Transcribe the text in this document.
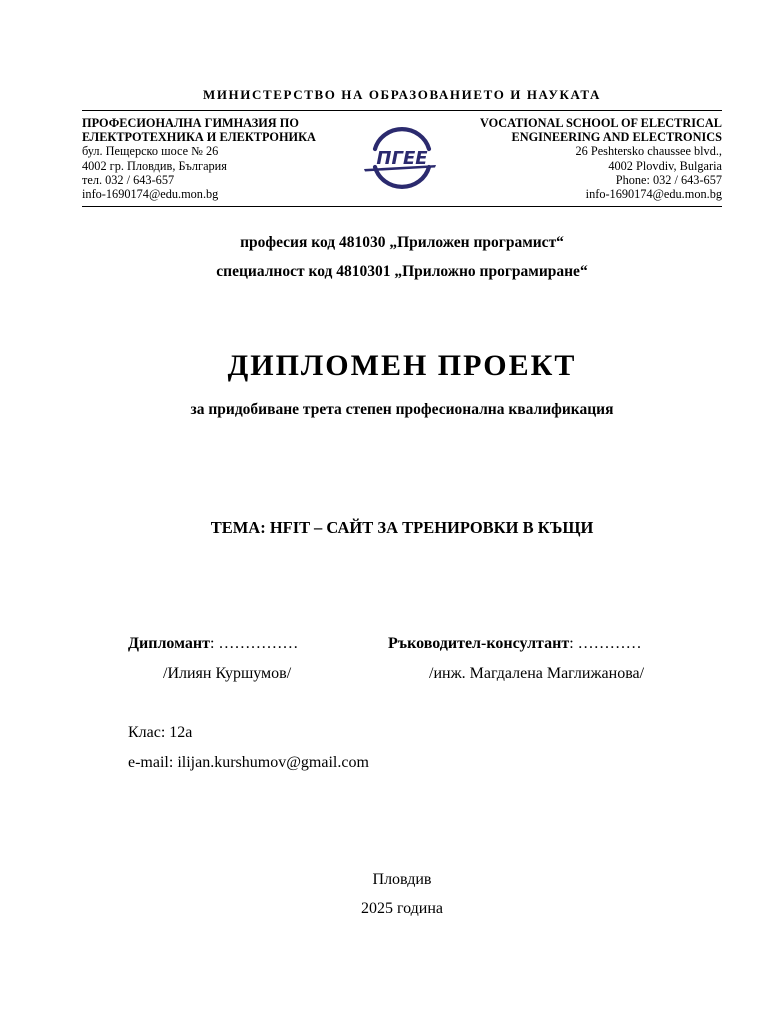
МИНИСТЕРСТВО НА ОБРАЗОВАНИЕТО И НАУКАТА
ПРОФЕСИОНАЛНА ГИМНАЗИЯ ПО
ЕЛЕКТРОТЕХНИКА И ЕЛЕКТРОНИКА
бул. Пещерско шосе № 26
4002 гр. Пловдив, България
тел. 032 / 643-657
info-1690174@edu.mon.bg
ПГЕЕ
VOCATIONAL SCHOOL OF ELECTRICAL
ENGINEERING AND ELECTRONICS
26 Peshtersko chaussee blvd.,
4002 Plovdiv, Bulgaria
Phone: 032 / 643-657
info-1690174@edu.mon.bg
професия код 481030 „Приложен програмист“
специалност код 4810301 „Приложно програмиране“
ДИПЛОМЕН ПРОЕКТ
за придобиване трета степен професионална квалификация
ТЕМА: HFIT – САЙТ ЗА ТРЕНИРОВКИ В КЪЩИ
Дипломант: ……………	Ръководител-консултант: …………
/Илиян Куршумов/	/инж. Магдалена Маглижанова/
Клас: 12а
e-mail: ilijan.kurshumov@gmail.com
Пловдив
2025 година
